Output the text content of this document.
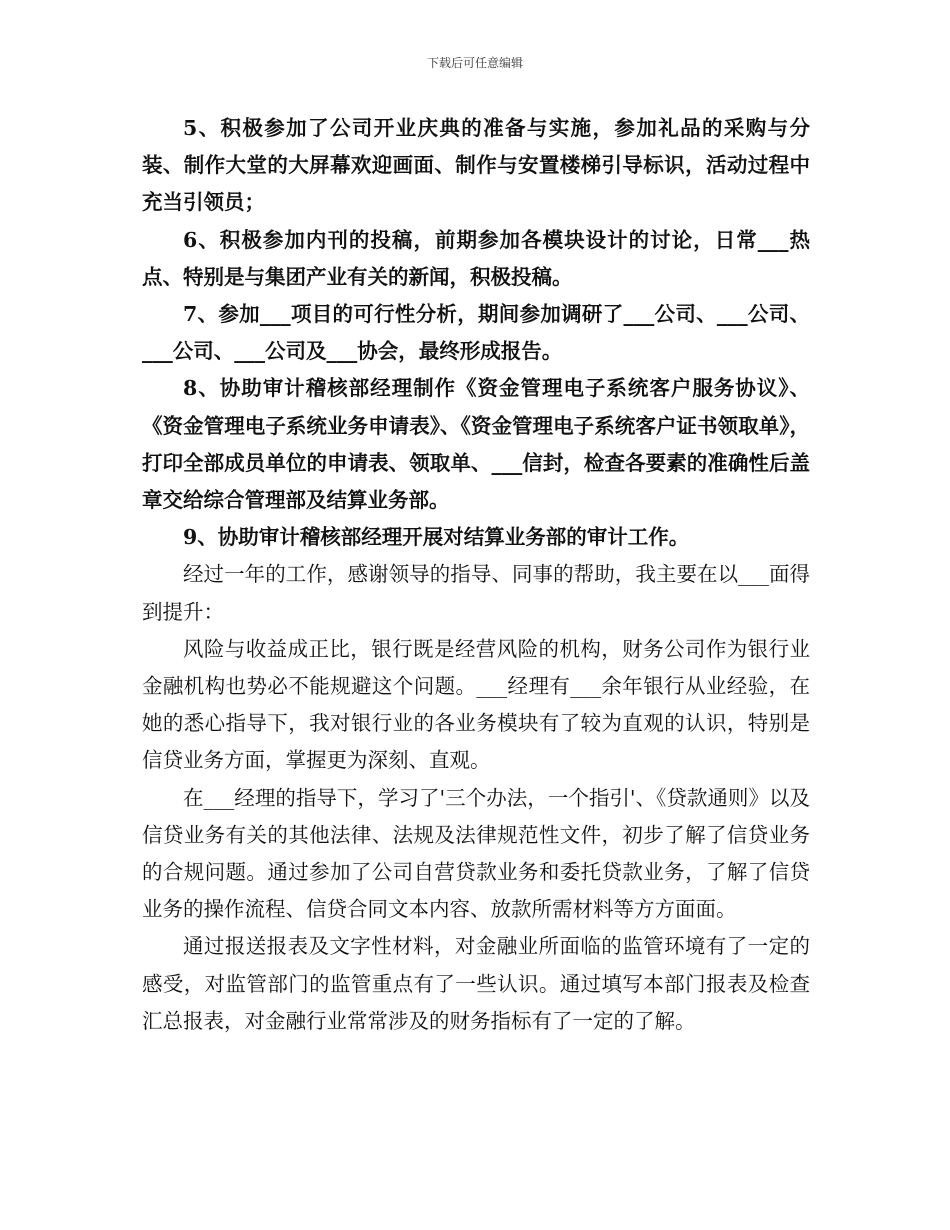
下载后可任意编辑

5、积极参加了公司开业庆典的准备与实施，参加礼品的采购与分装、制作大堂的大屏幕欢迎画面、制作与安置楼梯引导标识，活动过程中充当引领员；

6、积极参加内刊的投稿，前期参加各模块设计的讨论，日常___热点、特别是与集团产业有关的新闻，积极投稿。

7、参加___项目的可行性分析，期间参加调研了___公司、___公司、___公司、___公司及___协会，最终形成报告。

8、协助审计稽核部经理制作《资金管理电子系统客户服务协议》、《资金管理电子系统业务申请表》、《资金管理电子系统客户证书领取单》，打印全部成员单位的申请表、领取单、___信封，检查各要素的准确性后盖章交给综合管理部及结算业务部。

9、协助审计稽核部经理开展对结算业务部的审计工作。

经过一年的工作，感谢领导的指导、同事的帮助，我主要在以___面得到提升：

风险与收益成正比，银行既是经营风险的机构，财务公司作为银行业金融机构也势必不能规避这个问题。___经理有___余年银行从业经验，在她的悉心指导下，我对银行业的各业务模块有了较为直观的认识，特别是信贷业务方面，掌握更为深刻、直观。

在___经理的指导下，学习了'三个办法，一个指引'、《贷款通则》以及信贷业务有关的其他法律、法规及法律规范性文件，初步了解了信贷业务的合规问题。通过参加了公司自营贷款业务和委托贷款业务，了解了信贷业务的操作流程、信贷合同文本内容、放款所需材料等方方面面。

通过报送报表及文字性材料，对金融业所面临的监管环境有了一定的感受，对监管部门的监管重点有了一些认识。通过填写本部门报表及检查汇总报表，对金融行业常常涉及的财务指标有了一定的了解。
